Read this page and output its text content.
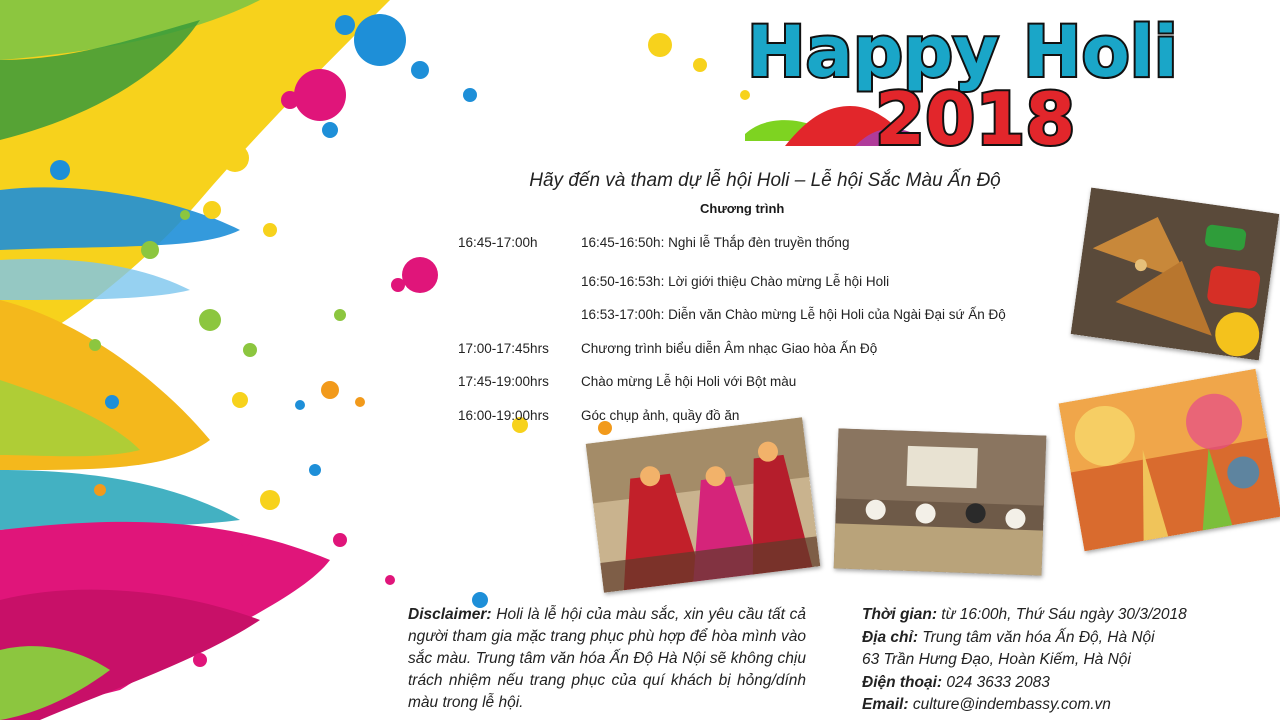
Happy Holi
2018
Hãy đến và tham dự lễ hội Holi – Lễ hội Sắc Màu Ấn Độ
Chương trình
16:45-17:00h	16:45-16:50h: Nghi lễ Thắp đèn truyền thống
16:50-16:53h: Lời giới thiệu Chào mừng Lễ hội Holi
16:53-17:00h: Diễn văn Chào mừng Lễ hội Holi của Ngài Đại sứ Ấn Độ
17:00-17:45hrs Chương trình biểu diễn Âm nhạc Giao hòa Ấn Độ
17:45-19:00hrs Chào mừng Lễ hội Holi với Bột màu
16:00-19:00hrs Góc chụp ảnh, quầy đồ ăn
Disclaimer: Holi là lễ hội của màu sắc, xin yêu cầu tất cả người tham gia mặc trang phục phù hợp để hòa mình vào sắc màu. Trung tâm văn hóa Ấn Độ Hà Nội sẽ không chịu trách nhiệm nếu trang phục của quí khách bị hỏng/dính màu trong lễ hội.
Thời gian: từ 16:00h, Thứ Sáu ngày 30/3/2018
Địa chỉ: Trung tâm văn hóa Ấn Độ, Hà Nội
63 Trần Hưng Đạo, Hoàn Kiếm, Hà Nội
Điện thoại: 024 3633 2083
Email: culture@indembassy.com.vn
